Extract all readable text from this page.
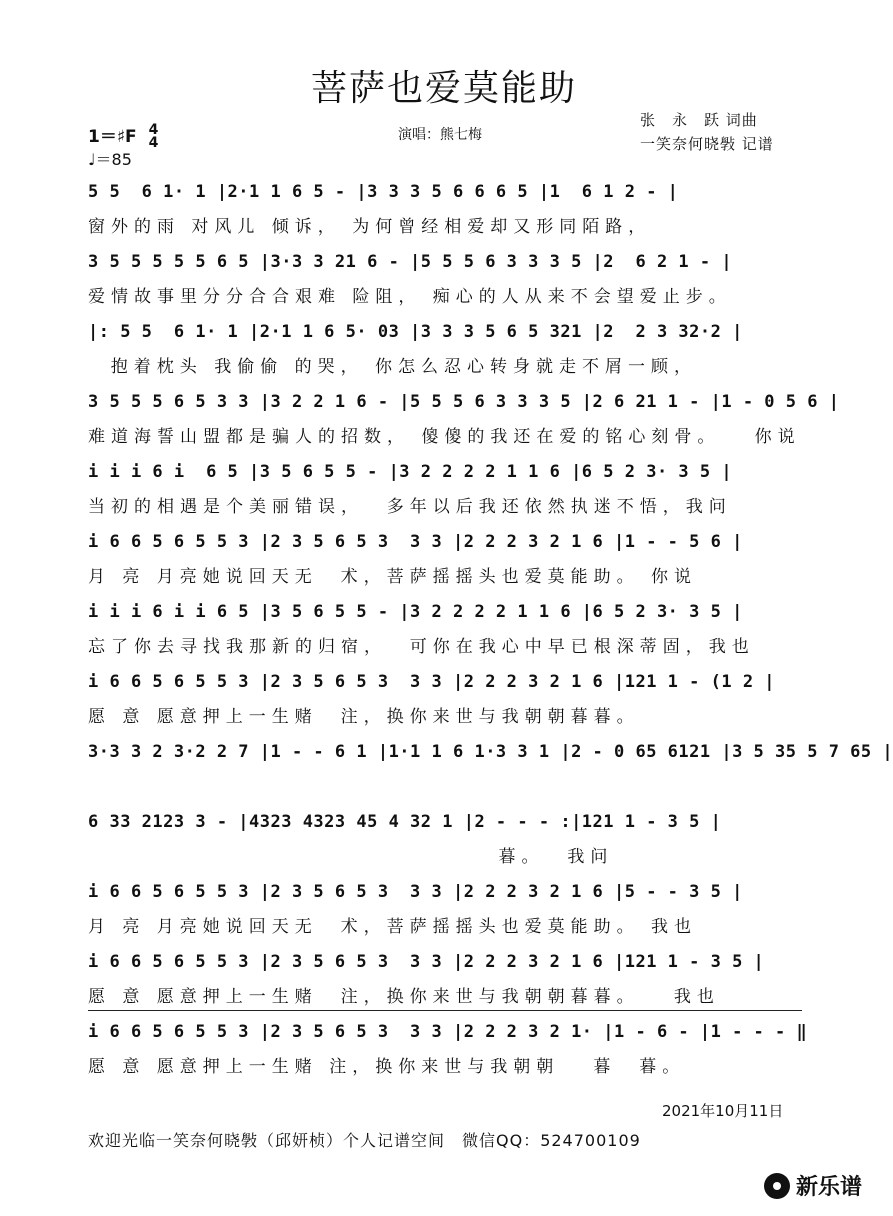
菩萨也爱莫能助
1＝♯F 4
4
♩＝85
演唱：熊七梅
张　永　跃 词曲
一笑奈何晓斅 记谱
5 5  6 1· 1 |2·1 1 6 5 - |3 3 3 5 6 6 6 5 |1  6 1 2 - |
窗外的雨 对风儿 倾诉， 为何曾经相爱却又形同陌路，
3 5 5 5 5 5 6 5 |3·3 3 21 6 - |5 5 5 6 3 3 3 5 |2  6 2 1 - |
爱情故事里分分合合艰难 险阻， 痴心的人从来不会望爱止步。
|: 5 5  6 1· 1 |2·1 1 6 5· 03 |3 3 3 5 6 5 321 |2  2 3 32·2 |
抱着枕头 我偷偷 的哭， 你怎么忍心转身就走不屑一顾，
3 5 5 5 6 5 3 3 |3 2 2 1 6 - |5 5 5 6 3 3 3 5 |2 6 21 1 - |1 - 0 5 6 |
难道海誓山盟都是骗人的招数， 傻傻的我还在爱的铭心刻骨。   你说
i i i 6 i  6 5 |3 5 6 5 5 - |3 2 2 2 2 1 1 6 |6 5 2 3· 3 5 |
当初的相遇是个美丽错误，  多年以后我还依然执迷不悟，我问
i 6 6 5 6 5 5 3 |2 3 5 6 5 3  3 3 |2 2 2 3 2 1 6 |1 - - 5 6 |
月 亮 月亮她说回天无  术，菩萨摇摇头也爱莫能助。 你说
i i i 6 i i 6 5 |3 5 6 5 5 - |3 2 2 2 2 1 1 6 |6 5 2 3· 3 5 |
忘了你去寻找我那新的归宿，  可你在我心中早已根深蒂固，我也
i 6 6 5 6 5 5 3 |2 3 5 6 5 3  3 3 |2 2 2 3 2 1 6 |121 1 - (1 2 |
愿 意 愿意押上一生赌  注，换你来世与我朝朝暮暮。
3·3 3 2 3·2 2 7 |1 - - 6 1 |1·1 1 6 1·3 3 1 |2 - 0 65 6121 |3 5 35 5 7 65 |
6 33 2123 3 - |4323 4323 45 4 32 1 |2 - - - :|121 1 - 3 5 |
暮。  我问
i 6 6 5 6 5 5 3 |2 3 5 6 5 3  3 3 |2 2 2 3 2 1 6 |5 - - 3 5 |
月 亮 月亮她说回天无  术，菩萨摇摇头也爱莫能助。 我也
i 6 6 5 6 5 5 3 |2 3 5 6 5 3  3 3 |2 2 2 3 2 1 6 |121 1 - 3 5 |
愿 意 愿意押上一生赌  注，换你来世与我朝朝暮暮。   我也
i 6 6 5 6 5 5 3 |2 3 5 6 5 3  3 3 |2 2 2 3 2 1· |1 - 6 - |1 - - - ‖
愿 意 愿意押上一生赌 注，换你来世与我朝朝   暮  暮。
2021年10月11日
欢迎光临一笑奈何晓斅（邱妍桢）个人记谱空间　微信QQ：524700109
新乐谱
